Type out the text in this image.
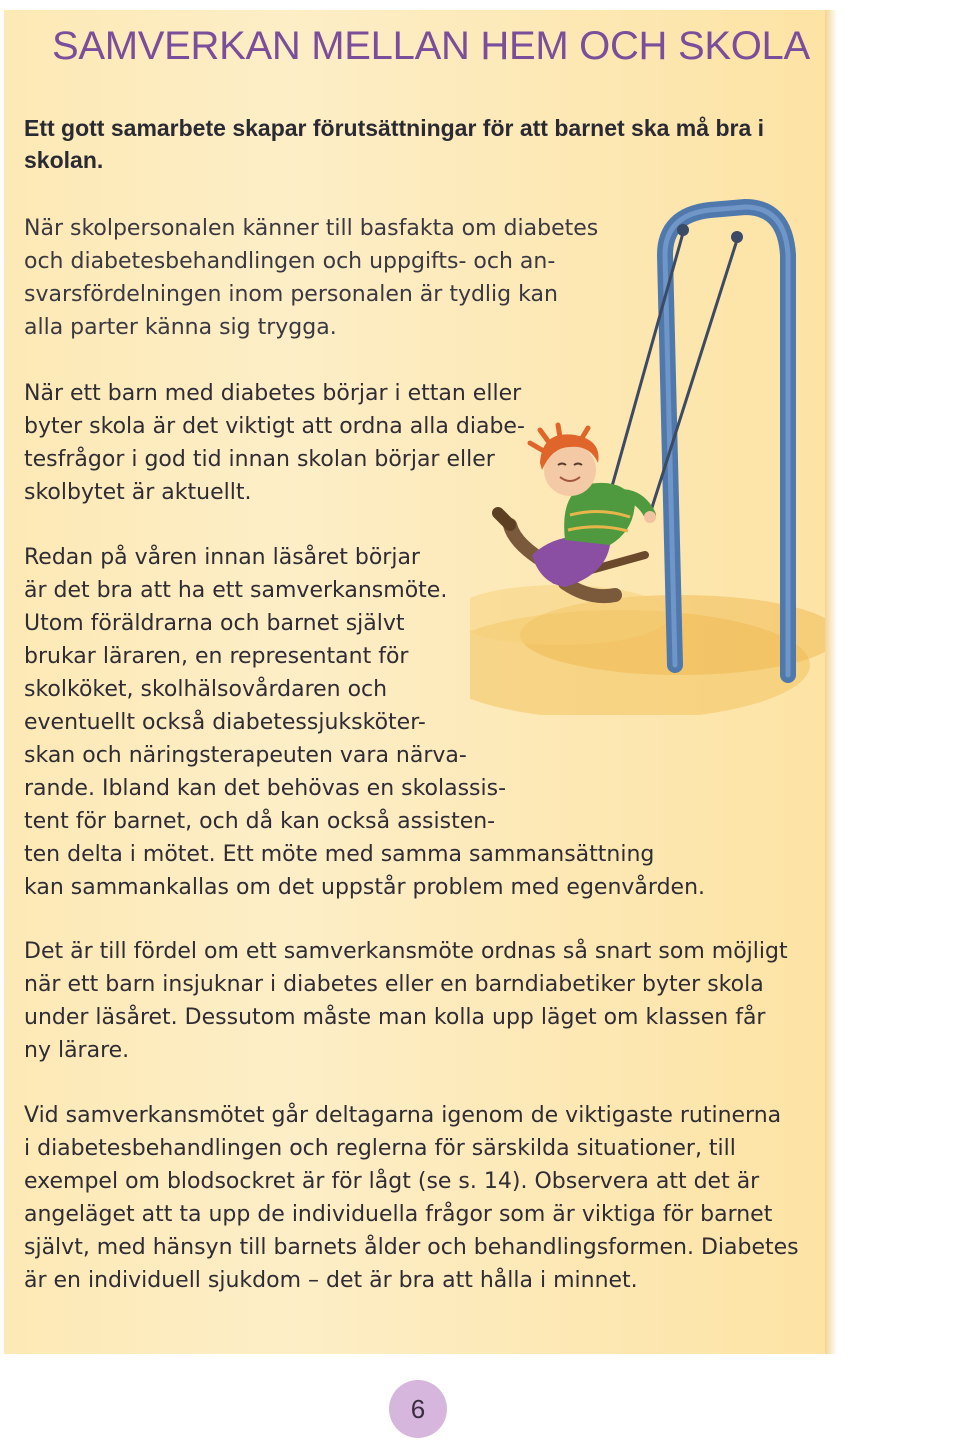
SAMVERKAN MELLAN HEM OCH SKOLA

Ett gott samarbete skapar förutsättningar för att barnet ska må bra i skolan.

När skolpersonalen känner till basfakta om diabetes
och diabetesbehandlingen och uppgifts- och an-
svarsfördelningen inom personalen är tydlig kan
alla parter känna sig trygga.

När ett barn med diabetes börjar i ettan eller
byter skola är det viktigt att ordna alla diabe-
tesfrågor i god tid innan skolan börjar eller
skolbytet är aktuellt.

Redan på våren innan läsåret börjar
är det bra att ha ett samverkansmöte.
Utom föräldrarna och barnet självt
brukar läraren, en representant för
skolköket, skolhälsovårdaren och
eventuellt också diabetessjuksköter-
skan och näringsterapeuten vara närva-
rande. Ibland kan det behövas en skolassis-
tent för barnet, och då kan också assisten-
ten delta i mötet. Ett möte med samma sammansättning
kan sammankallas om det uppstår problem med egenvården.

Det är till fördel om ett samverkansmöte ordnas så snart som möjligt
när ett barn insjuknar i diabetes eller en barndiabetiker byter skola
under läsåret. Dessutom måste man kolla upp läget om klassen får
ny lärare.

Vid samverkansmötet går deltagarna igenom de viktigaste rutinerna
i diabetesbehandlingen och reglerna för särskilda situationer, till
exempel om blodsockret är för lågt (se s. 14). Observera att det är
angeläget att ta upp de individuella frågor som är viktiga för barnet
självt, med hänsyn till barnets ålder och behandlingsformen. Diabetes
är en individuell sjukdom – det är bra att hålla i minnet.

6
